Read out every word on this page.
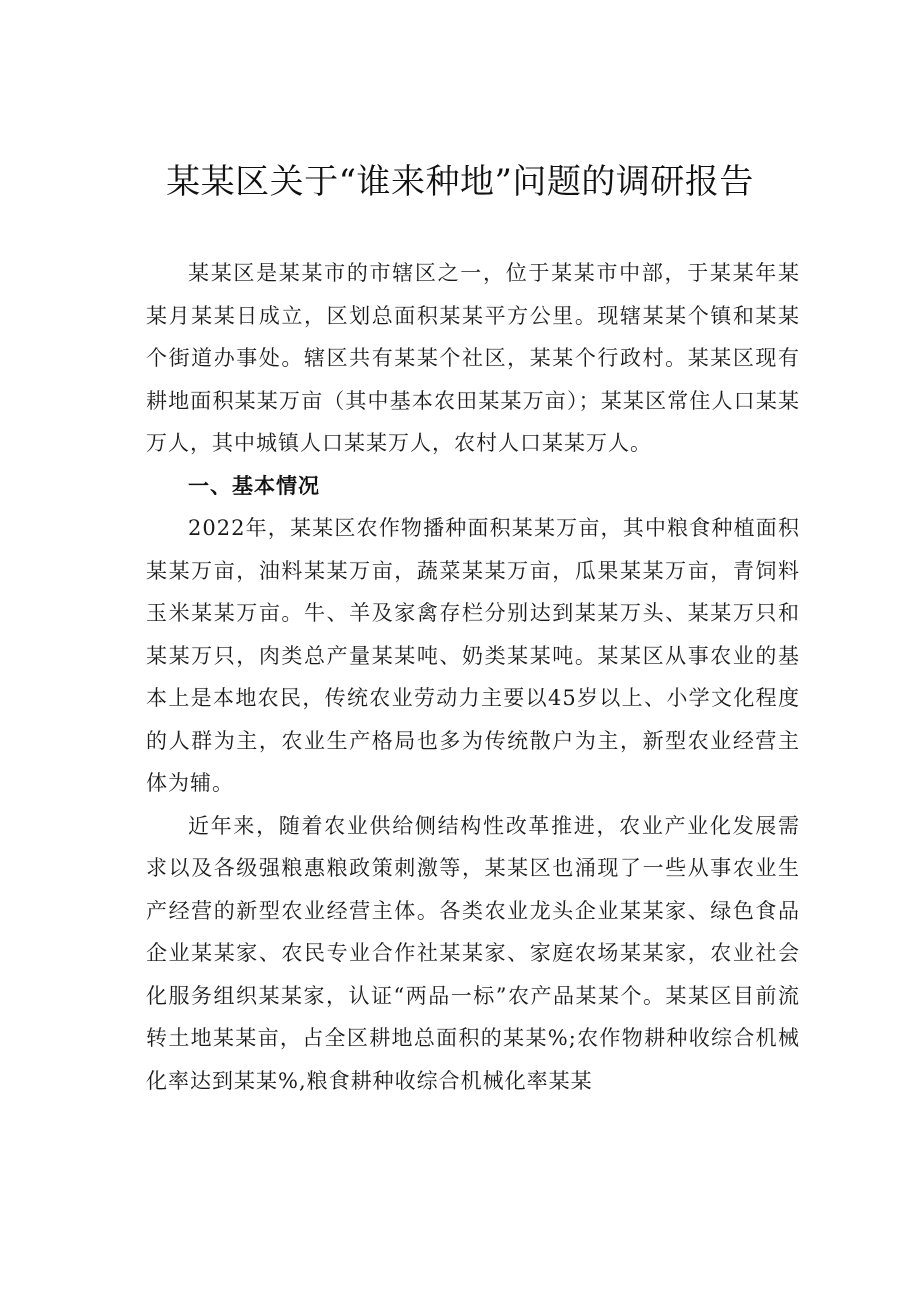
某某区关于“谁来种地”问题的调研报告

某某区是某某市的市辖区之一，位于某某市中部，于某某年某某月某某日成立，区划总面积某某平方公里。现辖某某个镇和某某个街道办事处。辖区共有某某个社区，某某个行政村。某某区现有耕地面积某某万亩（其中基本农田某某万亩）；某某区常住人口某某万人，其中城镇人口某某万人，农村人口某某万人。

一、基本情况

2022年，某某区农作物播种面积某某万亩，其中粮食种植面积某某万亩，油料某某万亩，蔬菜某某万亩，瓜果某某万亩，青饲料玉米某某万亩。牛、羊及家禽存栏分别达到某某万头、某某万只和某某万只，肉类总产量某某吨、奶类某某吨。某某区从事农业的基本上是本地农民，传统农业劳动力主要以45岁以上、小学文化程度的人群为主，农业生产格局也多为传统散户为主，新型农业经营主体为辅。

近年来，随着农业供给侧结构性改革推进，农业产业化发展需求以及各级强粮惠粮政策刺激等，某某区也涌现了一些从事农业生产经营的新型农业经营主体。各类农业龙头企业某某家、绿色食品企业某某家、农民专业合作社某某家、家庭农场某某家，农业社会化服务组织某某家，认证“两品一标”农产品某某个。某某区目前流转土地某某亩，占全区耕地总面积的某某%;农作物耕种收综合机械化率达到某某%,粮食耕种收综合机械化率某某
